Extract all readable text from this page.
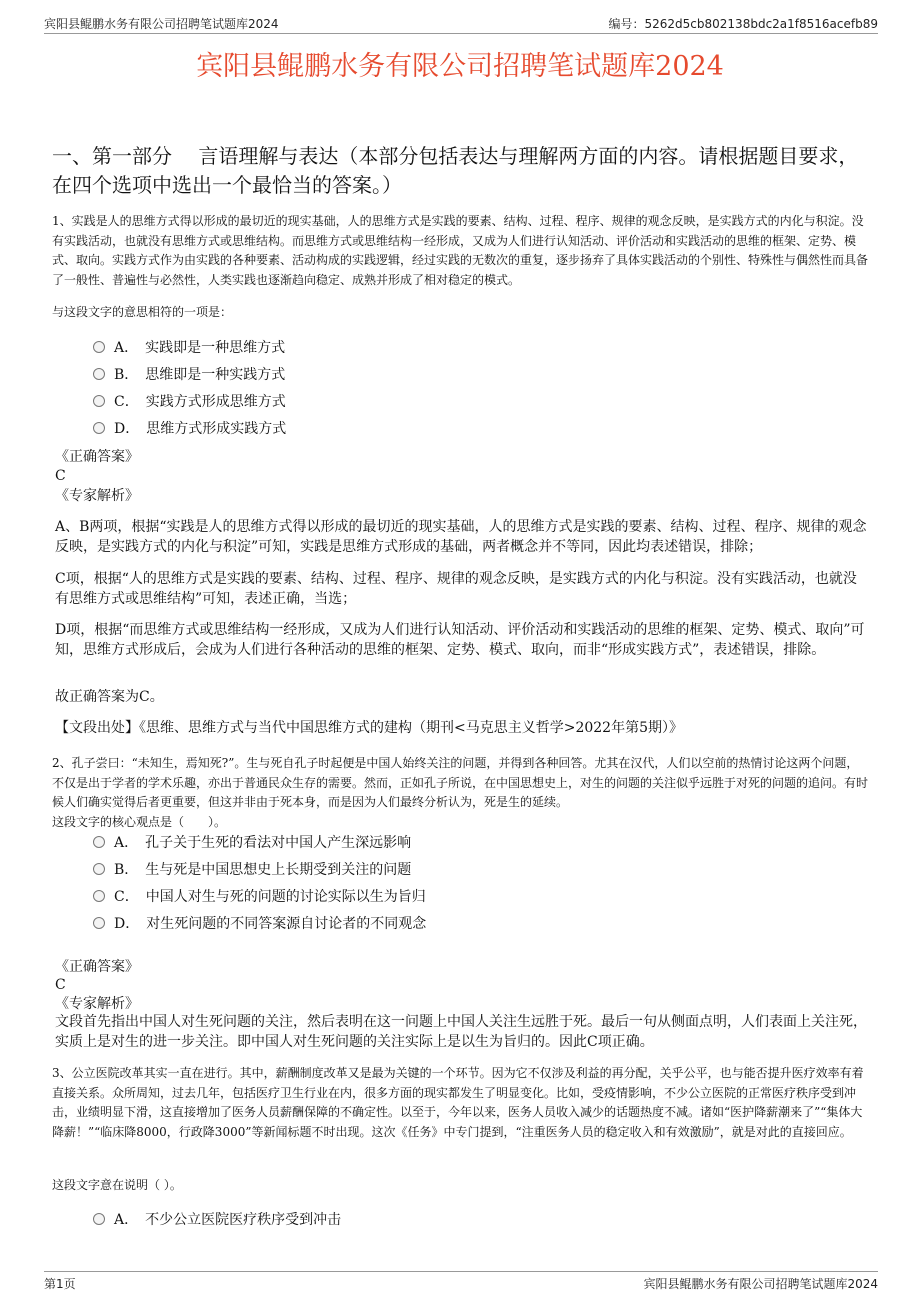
宾阳县鲲鹏水务有限公司招聘笔试题库2024	编号：5262d5cb802138bdc2a1f8516acefb89
宾阳县鲲鹏水务有限公司招聘笔试题库2024
一、第一部分　 言语理解与表达（本部分包括表达与理解两方面的内容。请根据题目要求，在四个选项中选出一个最恰当的答案。）
1、实践是人的思维方式得以形成的最切近的现实基础，人的思维方式是实践的要素、结构、过程、程序、规律的观念反映，是实践方式的内化与积淀。没有实践活动，也就没有思维方式或思维结构。而思维方式或思维结构一经形成，又成为人们进行认知活动、评价活动和实践活动的思维的框架、定势、模式、取向。实践方式作为由实践的各种要素、活动构成的实践逻辑，经过实践的无数次的重复，逐步扬弃了具体实践活动的个别性、特殊性与偶然性而具备了一般性、普遍性与必然性，人类实践也逐渐趋向稳定、成熟并形成了相对稳定的模式。
与这段文字的意思相符的一项是：
A．　实践即是一种思维方式
B．　思维即是一种实践方式
C．　实践方式形成思维方式
D．　思维方式形成实践方式
《正确答案》
C
《专家解析》
A、B两项，根据“实践是人的思维方式得以形成的最切近的现实基础，人的思维方式是实践的要素、结构、过程、程序、规律的观念反映，是实践方式的内化与积淀”可知，实践是思维方式形成的基础，两者概念并不等同，因此均表述错误，排除；
C项，根据“人的思维方式是实践的要素、结构、过程、程序、规律的观念反映，是实践方式的内化与积淀。没有实践活动，也就没有思维方式或思维结构”可知，表述正确，当选；
D项，根据“而思维方式或思维结构一经形成，又成为人们进行认知活动、评价活动和实践活动的思维的框架、定势、模式、取向”可知，思维方式形成后，会成为人们进行各种活动的思维的框架、定势、模式、取向，而非“形成实践方式”，表述错误，排除。
故正确答案为C。
【文段出处】《思维、思维方式与当代中国思维方式的建构（期刊<马克思主义哲学>2022年第5期）》
2、孔子尝曰：“未知生，焉知死?”。生与死自孔子时起便是中国人始终关注的问题，并得到各种回答。尤其在汉代，人们以空前的热情讨论这两个问题，不仅是出于学者的学术乐趣，亦出于普通民众生存的需要。然而，正如孔子所说，在中国思想史上，对生的问题的关注似乎远胜于对死的问题的追问。有时候人们确实觉得后者更重要，但这并非由于死本身，而是因为人们最终分析认为，死是生的延续。
这段文字的核心观点是（　　）。
A．　孔子关于生死的看法对中国人产生深远影响
B．　生与死是中国思想史上长期受到关注的问题
C．　中国人对生与死的问题的讨论实际以生为旨归
D．　对生死问题的不同答案源自讨论者的不同观念
《正确答案》
C
《专家解析》
文段首先指出中国人对生死问题的关注，然后表明在这一问题上中国人关注生远胜于死。最后一句从侧面点明，人们表面上关注死，实质上是对生的进一步关注。即中国人对生死问题的关注实际上是以生为旨归的。因此C项正确。
3、公立医院改革其实一直在进行。其中，薪酬制度改革又是最为关键的一个环节。因为它不仅涉及利益的再分配，关乎公平，也与能否提升医疗效率有着直接关系。众所周知，过去几年，包括医疗卫生行业在内，很多方面的现实都发生了明显变化。比如，受疫情影响，不少公立医院的正常医疗秩序受到冲击，业绩明显下滑，这直接增加了医务人员薪酬保障的不确定性。以至于，今年以来，医务人员收入减少的话题热度不减。诸如“医护降薪潮来了”“集体大降薪！”“临床降8000，行政降3000”等新闻标题不时出现。这次《任务》中专门提到，“注重医务人员的稳定收入和有效激励”，就是对此的直接回应。
这段文字意在说明（ ）。
A．　不少公立医院医疗秩序受到冲击
第1页	宾阳县鲲鹏水务有限公司招聘笔试题库2024
